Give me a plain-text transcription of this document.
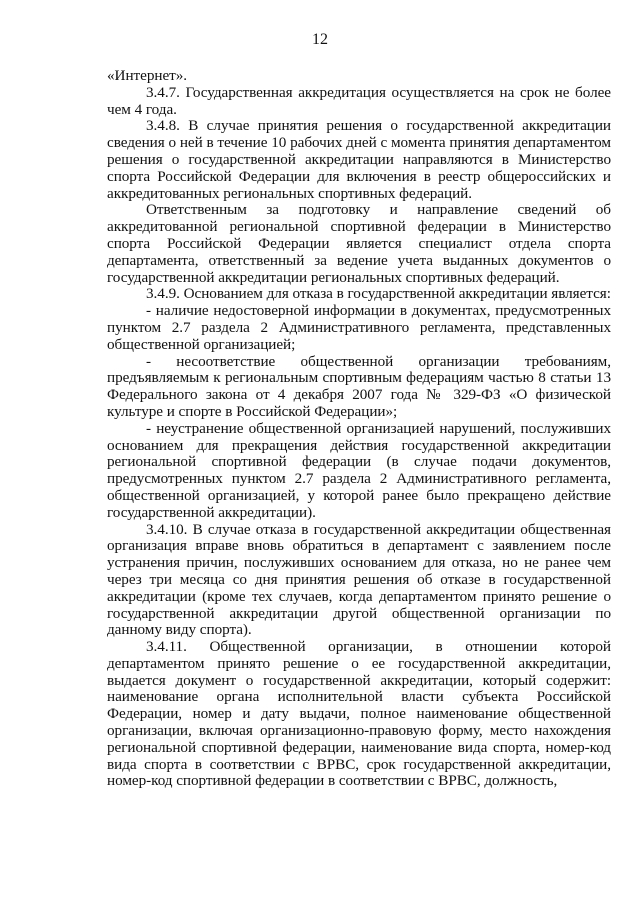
12

«Интернет».

3.4.7. Государственная аккредитация осуществляется на срок не более чем 4 года.

3.4.8. В случае принятия решения о государственной аккредитации сведения о ней в течение 10 рабочих дней с момента принятия департаментом решения о государственной аккредитации направляются в Министерство спорта Российской Федерации для включения в реестр общероссийских и аккредитованных региональных спортивных федераций.

Ответственным за подготовку и направление сведений об аккредитованной региональной спортивной федерации в Министерство спорта Российской Федерации является специалист отдела спорта департамента, ответственный за ведение учета выданных документов о государственной аккредитации региональных спортивных федераций.

3.4.9. Основанием для отказа в государственной аккредитации является:

- наличие недостоверной информации в документах, предусмотренных пунктом 2.7 раздела 2 Административного регламента, представленных общественной организацией;

- несоответствие общественной организации требованиям, предъявляемым к региональным спортивным федерациям частью 8 статьи 13 Федерального закона от 4 декабря 2007 года № 329-ФЗ «О физической культуре и спорте в Российской Федерации»;

- неустранение общественной организацией нарушений, послуживших основанием для прекращения действия государственной аккредитации региональной спортивной федерации (в случае подачи документов, предусмотренных пунктом 2.7 раздела 2 Административного регламента, общественной организацией, у которой ранее было прекращено действие государственной аккредитации).

3.4.10. В случае отказа в государственной аккредитации общественная организация вправе вновь обратиться в департамент с заявлением после устранения причин, послуживших основанием для отказа, но не ранее чем через три месяца со дня принятия решения об отказе в государственной аккредитации (кроме тех случаев, когда департаментом принято решение о государственной аккредитации другой общественной организации по данному виду спорта).

3.4.11. Общественной организации, в отношении которой департаментом принято решение о ее государственной аккредитации, выдается документ о государственной аккредитации, который содержит: наименование органа исполнительной власти субъекта Российской Федерации, номер и дату выдачи, полное наименование общественной организации, включая организационно-правовую форму, место нахождения региональной спортивной федерации, наименование вида спорта, номер-код вида спорта в соответствии с ВРВС, срок государственной аккредитации, номер-код спортивной федерации в соответствии с ВРВС, должность,
